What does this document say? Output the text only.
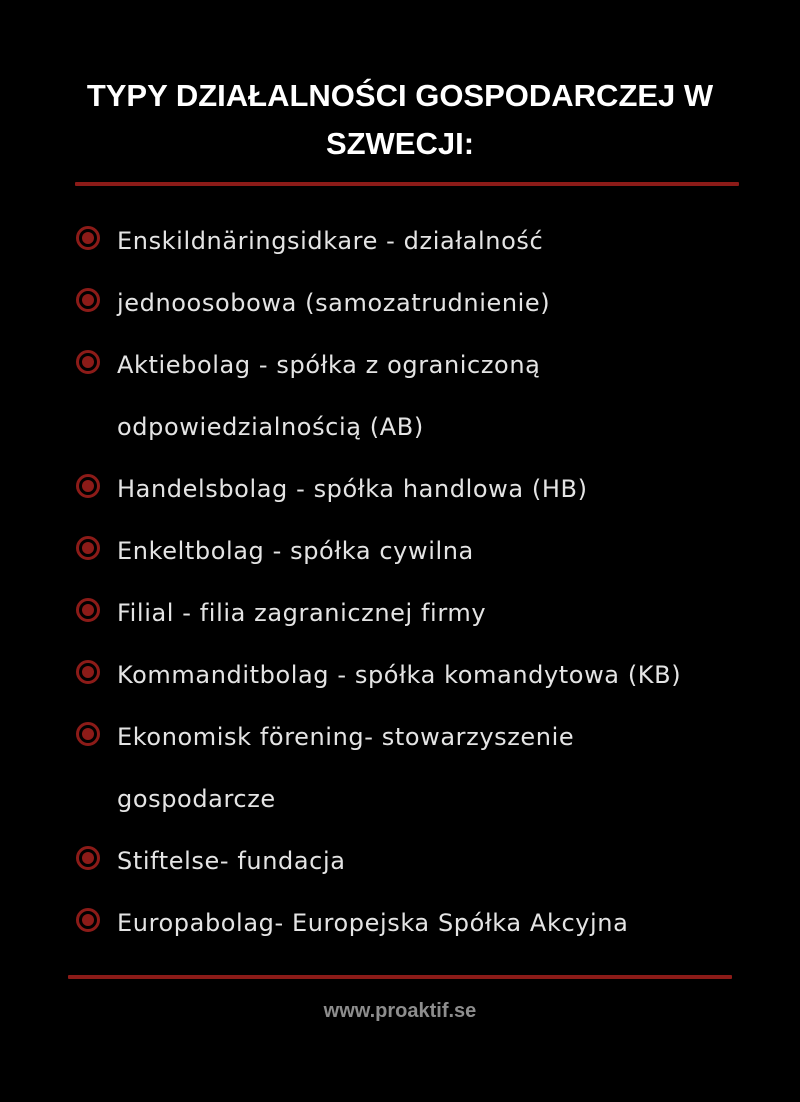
TYPY DZIAŁALNOŚCI GOSPODARCZEJ W SZWECJI:
Enskildnäringsidkare - działalność
jednoosobowa (samozatrudnienie)
Aktiebolag - spółka z ograniczoną
odpowiedzialnością (AB)
Handelsbolag - spółka handlowa (HB)
Enkeltbolag - spółka cywilna
Filial - filia zagranicznej firmy
Kommanditbolag - spółka komandytowa (KB)
Ekonomisk förening- stowarzyszenie
gospodarcze
Stiftelse- fundacja
Europabolag- Europejska Spółka Akcyjna
www.proaktif.se
